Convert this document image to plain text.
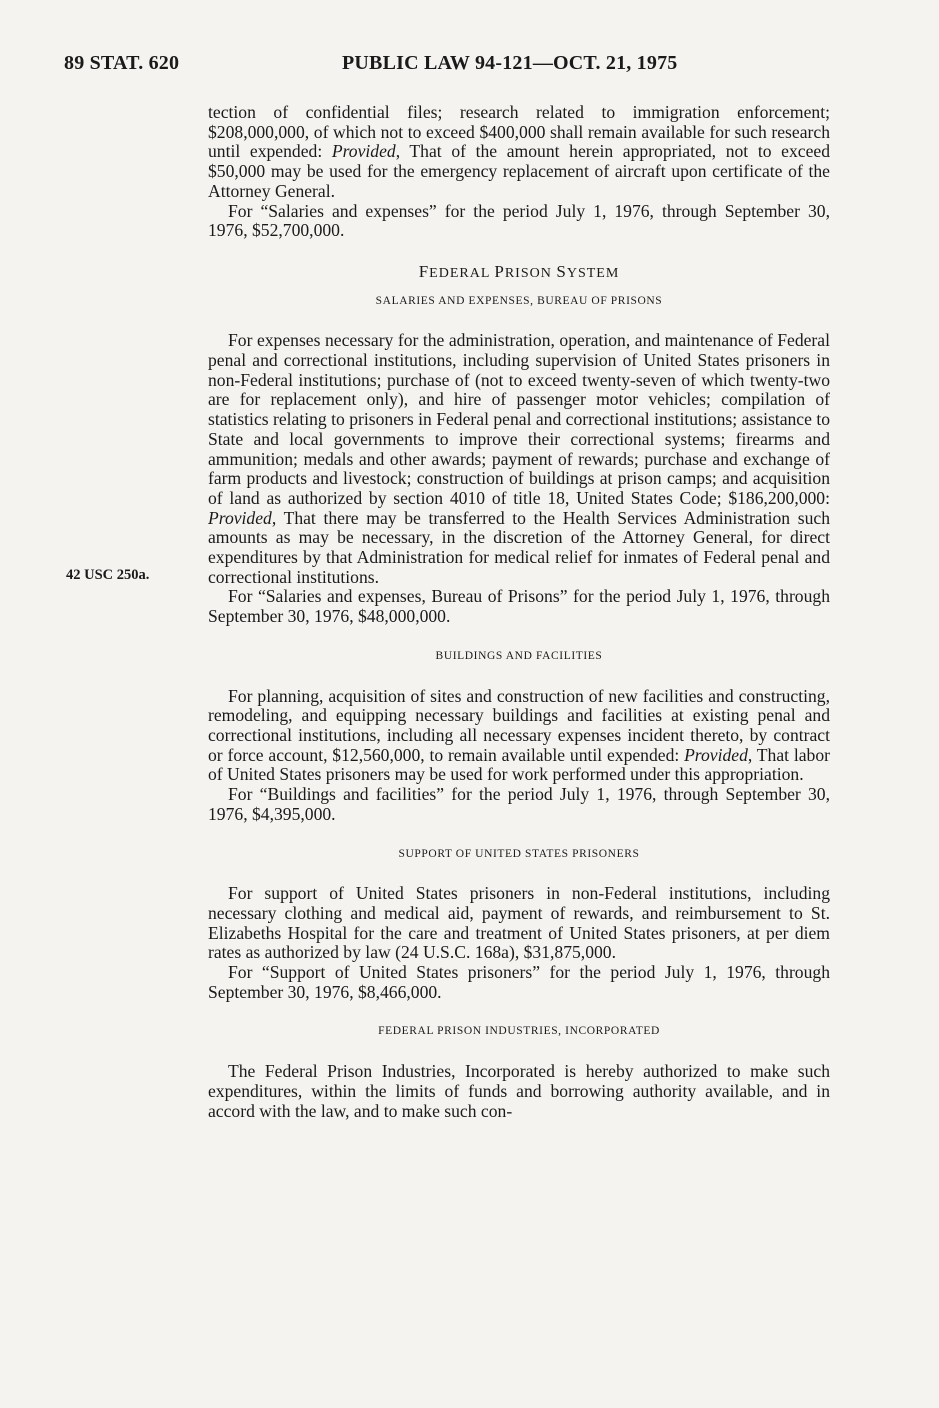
89 STAT. 620	PUBLIC LAW 94-121—OCT. 21, 1975
42 USC 250a.

tection of confidential files; research related to immigration enforcement; $208,000,000, of which not to exceed $400,000 shall remain available for such research until expended: Provided, That of the amount herein appropriated, not to exceed $50,000 may be used for the emergency replacement of aircraft upon certificate of the Attorney General.

For “Salaries and expenses” for the period July 1, 1976, through September 30, 1976, $52,700,000.

FEDERAL PRISON SYSTEM
SALARIES AND EXPENSES, BUREAU OF PRISONS

For expenses necessary for the administration, operation, and maintenance of Federal penal and correctional institutions, including supervision of United States prisoners in non-Federal institutions; purchase of (not to exceed twenty-seven of which twenty-two are for replacement only), and hire of passenger motor vehicles; compilation of statistics relating to prisoners in Federal penal and correctional institutions; assistance to State and local governments to improve their correctional systems; firearms and ammunition; medals and other awards; payment of rewards; purchase and exchange of farm products and livestock; construction of buildings at prison camps; and acquisition of land as authorized by section 4010 of title 18, United States Code; $186,200,000: Provided, That there may be transferred to the Health Services Administration such amounts as may be necessary, in the discretion of the Attorney General, for direct expenditures by that Administration for medical relief for inmates of Federal penal and correctional institutions.

For “Salaries and expenses, Bureau of Prisons” for the period July 1, 1976, through September 30, 1976, $48,000,000.

BUILDINGS AND FACILITIES

For planning, acquisition of sites and construction of new facilities and constructing, remodeling, and equipping necessary buildings and facilities at existing penal and correctional institutions, including all necessary expenses incident thereto, by contract or force account, $12,560,000, to remain available until expended: Provided, That labor of United States prisoners may be used for work performed under this appropriation.

For “Buildings and facilities” for the period July 1, 1976, through September 30, 1976, $4,395,000.

SUPPORT OF UNITED STATES PRISONERS

For support of United States prisoners in non-Federal institutions, including necessary clothing and medical aid, payment of rewards, and reimbursement to St. Elizabeths Hospital for the care and treatment of United States prisoners, at per diem rates as authorized by law (24 U.S.C. 168a), $31,875,000.

For “Support of United States prisoners” for the period July 1, 1976, through September 30, 1976, $8,466,000.

FEDERAL PRISON INDUSTRIES, INCORPORATED

The Federal Prison Industries, Incorporated is hereby authorized to make such expenditures, within the limits of funds and borrowing authority available, and in accord with the law, and to make such con-
